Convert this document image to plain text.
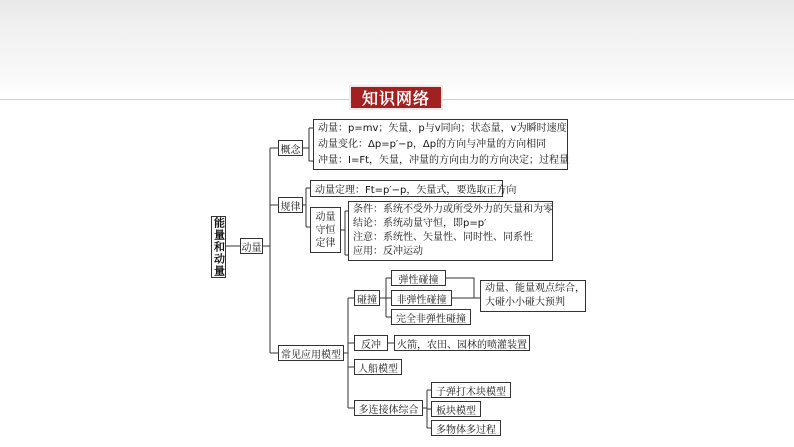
知识网络
能量和动量 动量
概念
动量：p=mv；矢量，p与v同向；状态量，v为瞬时速度
动量变化：Δp=p′−p，Δp的方向与冲量的方向相同
冲量：I=Ft，矢量，冲量的方向由力的方向决定；过程量
规律
动量定理：Ft=p′−p，矢量式，要选取正方向
动量守恒定律
条件：系统不受外力或所受外力的矢量和为零
结论：系统动量守恒，即p=p′
注意：系统性、矢量性、同时性、同系性
应用：反冲运动
常见应用模型
碰撞
弹性碰撞
非弹性碰撞
完全非弹性碰撞
动量、能量观点综合，
大碰小小碰大预判
反冲	火箭，农田、园林的喷灌装置
人船模型
多连接体综合
子弹打木块模型
板块模型
多物体多过程
